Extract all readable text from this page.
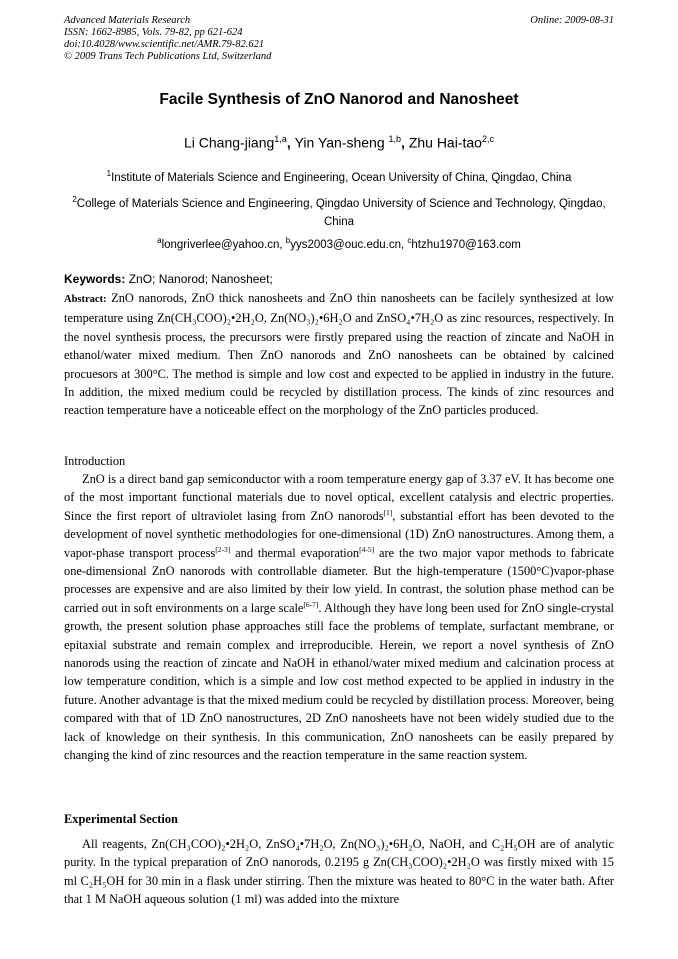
Advanced Materials Research
ISSN: 1662-8985, Vols. 79-82, pp 621-624
doi:10.4028/www.scientific.net/AMR.79-82.621
© 2009 Trans Tech Publications Ltd, Switzerland
Online: 2009-08-31
Facile Synthesis of ZnO Nanorod and Nanosheet
Li Chang-jiang$^{1,a}$, Yin Yan-sheng $^{1,b}$, Zhu Hai-tao$^{2,c}$
$^1$Institute of Materials Science and Engineering, Ocean University of China, Qingdao, China
$^2$College of Materials Science and Engineering, Qingdao University of Science and Technology, Qingdao, China
$^a$longriverlee@yahoo.cn, $^b$yys2003@ouc.edu.cn, $^c$htzhu1970@163.com
Keywords: ZnO; Nanorod; Nanosheet;

Abstract: ZnO nanorods, ZnO thick nanosheets and ZnO thin nanosheets can be facilely synthesized at low temperature using Zn(CH₃COO)₂•2H₂O, Zn(NO₃)₂•6H₂O and ZnSO₄•7H₂O as zinc resources, respectively. In the novel synthesis process, the precursors were firstly prepared using the reaction of zincate and NaOH in ethanol/water mixed medium. Then ZnO nanorods and ZnO nanosheets can be obtained by calcined procuesors at 300°C. The method is simple and low cost and expected to be applied in industry in the future. In addition, the mixed medium could be recycled by distillation process. The kinds of zinc resources and reaction temperature have a noticeable effect on the morphology of the ZnO particles produced.

Introduction

ZnO is a direct band gap semiconductor with a room temperature energy gap of 3.37 eV. It has become one of the most important functional materials due to novel optical, excellent catalysis and electric properties. Since the first report of ultraviolet lasing from ZnO nanorods[1], substantial effort has been devoted to the development of novel synthetic methodologies for one-dimensional (1D) ZnO nanostructures. Among them, a vapor-phase transport process[2-3] and thermal evaporation[4-5] are the two major vapor methods to fabricate one-dimensional ZnO nanorods with controllable diameter. But the high-temperature (1500°C)vapor-phase processes are expensive and are also limited by their low yield. In contrast, the solution phase method can be carried out in soft environments on a large scale[6-7]. Although they have long been used for ZnO single-crystal growth, the present solution phase approaches still face the problems of template, surfactant membrane, or epitaxial substrate and remain complex and irreproducible. Herein, we report a novel synthesis of ZnO nanorods using the reaction of zincate and NaOH in ethanol/water mixed medium and calcination process at low temperature condition, which is a simple and low cost method expected to be applied in industry in the future. Another advantage is that the mixed medium could be recycled by distillation process. Moreover, being compared with that of 1D ZnO nanostructures, 2D ZnO nanosheets have not been widely studied due to the lack of knowledge on their synthesis. In this communication, ZnO nanosheets can be easily prepared by changing the kind of zinc resources and the reaction temperature in the same reaction system.

Experimental Section

All reagents, Zn(CH₃COO)₂•2H₂O, ZnSO₄•7H₂O, Zn(NO₃)₂•6H₂O, NaOH, and C₂H₅OH are of analytic purity. In the typical preparation of ZnO nanorods, 0.2195 g Zn(CH₃COO)₂•2H₂O was firstly mixed with 15 ml C₂H₅OH for 30 min in a flask under stirring. Then the mixture was heated to 80°C in the water bath. After that 1 M NaOH aqueous solution (1 ml) was added into the mixture
